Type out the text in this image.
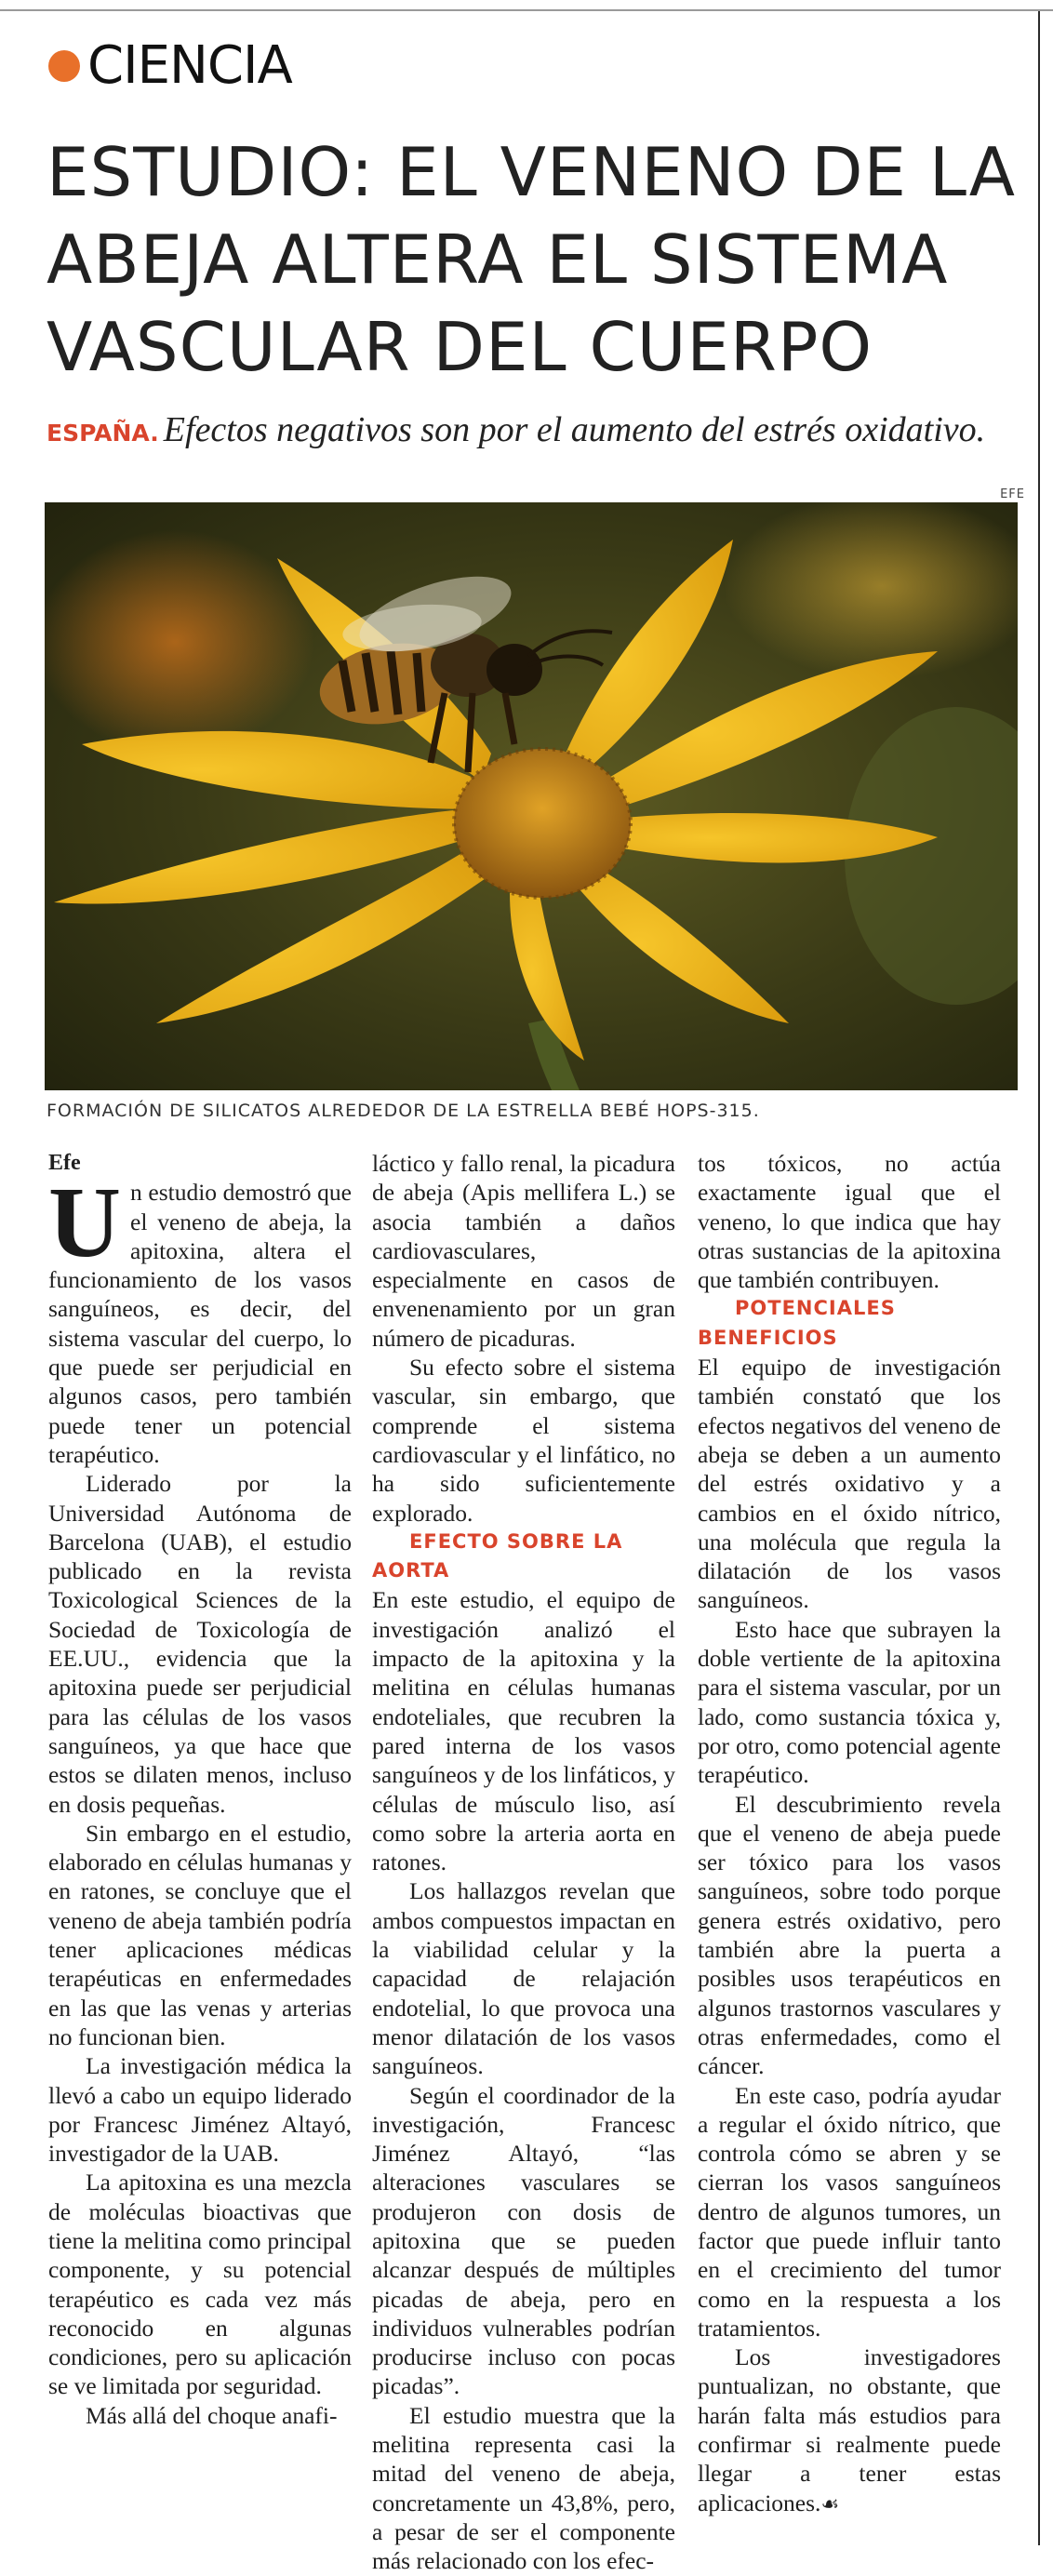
CIENCIA
ESTUDIO: EL VENENO DE LA
ABEJA ALTERA EL SISTEMA
VASCULAR DEL CUERPO
ESPAÑA. Efectos negativos son por el aumento del estrés oxidativo.
EFE
FORMACIÓN DE SILICATOS ALREDEDOR DE LA ESTRELLA BEBÉ HOPS-315.

Efe

Un estudio demostró que el veneno de abeja, la apitoxina, altera el funcionamiento de los vasos sanguíneos, es decir, del sistema vascular del cuerpo, lo que puede ser perjudicial en algunos casos, pero también puede tener un potencial terapéutico.

Liderado por la Universidad Autónoma de Barcelona (UAB), el estudio publicado en la revista Toxicological Sciences de la Sociedad de Toxicología de EE.UU., evidencia que la apitoxina puede ser perjudicial para las células de los vasos sanguíneos, ya que hace que estos se dilaten menos, incluso en dosis pequeñas.

Sin embargo en el estudio, elaborado en células humanas y en ratones, se concluye que el veneno de abeja también podría tener aplicaciones médicas terapéuticas en enfermedades en las que las venas y arterias no funcionan bien.

La investigación médica la llevó a cabo un equipo liderado por Francesc Jiménez Altayó, investigador de la UAB.

La apitoxina es una mezcla de moléculas bioactivas que tiene la melitina como principal componente, y su potencial terapéutico es cada vez más reconocido en algunas condiciones, pero su aplicación se ve limitada por seguridad.

Más allá del choque anafi-

láctico y fallo renal, la picadura de abeja (Apis mellifera L.) se asocia también a daños cardiovasculares, especialmente en casos de envenenamiento por un gran número de picaduras.

Su efecto sobre el sistema vascular, sin embargo, que comprende el sistema cardiovascular y el linfático, no ha sido suficientemente explorado.

EFECTO SOBRE LA AORTA

En este estudio, el equipo de investigación analizó el impacto de la apitoxina y la melitina en células humanas endoteliales, que recubren la pared interna de los vasos sanguíneos y de los linfáticos, y células de músculo liso, así como sobre la arteria aorta en ratones.

Los hallazgos revelan que ambos compuestos impactan en la viabilidad celular y la capacidad de relajación endotelial, lo que provoca una menor dilatación de los vasos sanguíneos.

Según el coordinador de la investigación, Francesc Jiménez Altayó, “las alteraciones vasculares se produjeron con dosis de apitoxina que se pueden alcanzar después de múltiples picadas de abeja, pero en individuos vulnerables podrían producirse incluso con pocas picadas”.

El estudio muestra que la melitina representa casi la mitad del veneno de abeja, concretamente un 43,8%, pero, a pesar de ser el componente más relacionado con los efec-

tos tóxicos, no actúa exactamente igual que el veneno, lo que indica que hay otras sustancias de la apitoxina que también contribuyen.

POTENCIALES BENEFICIOS

El equipo de investigación también constató que los efectos negativos del veneno de abeja se deben a un aumento del estrés oxidativo y a cambios en el óxido nítrico, una molécula que regula la dilatación de los vasos sanguíneos.

Esto hace que subrayen la doble vertiente de la apitoxina para el sistema vascular, por un lado, como sustancia tóxica y, por otro, como potencial agente terapéutico.

El descubrimiento revela que el veneno de abeja puede ser tóxico para los vasos sanguíneos, sobre todo porque genera estrés oxidativo, pero también abre la puerta a posibles usos terapéuticos en algunos trastornos vasculares y otras enfermedades, como el cáncer.

En este caso, podría ayudar a regular el óxido nítrico, que controla cómo se abren y se cierran los vasos sanguíneos dentro de algunos tumores, un factor que puede influir tanto en el crecimiento del tumor como en la respuesta a los tratamientos.

Los investigadores puntualizan, no obstante, que harán falta más estudios para confirmar si realmente puede llegar a tener estas aplicaciones.☙
